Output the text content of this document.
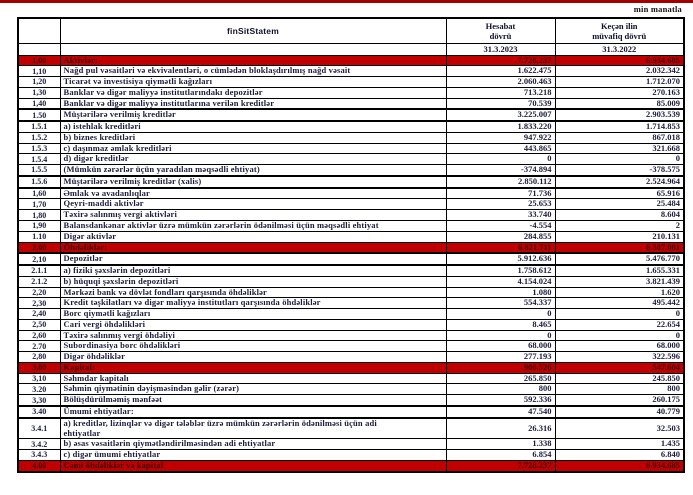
min manatla
	finSitStatem	
Hesabat
dövrü

Keçən ilin
müvafiq dövrü

		31.3.2023	31.3.2022
1,00	Aktivlər:	7.728.237	6.934.685
1,10	Nağd pul vəsaitləri və ekvivalentləri, o cümlədən bloklaşdırılmış nağd vəsait	1.622.475	2.032.342
1,20	Ticarət və investisiya qiymətli kağızları	2.060.463	1.712.070
1,30	Banklar və digər maliyyə institutlarındakı depozitlər	713.218	270.163
1,40	Banklar və digər maliyyə institutlarına verilən kreditlər	70.539	85.009
1.50	Müştərilərə verilmiş kreditlər	3.225.007	2.903.539
1.5.1	a) istehlak kreditləri	1.833.220	1.714.853
1.5.2	b) biznes kreditləri	947.922	867.018
1.5.3	c) daşınmaz əmlak kreditləri	443.865	321.668
1.5.4	d) digər kreditlər	0	0
1.5.5	(Mümkün zərərlər üçün yaradılan məqsədli ehtiyat)	-374.894	-378.575
1.5.6	Müştərilərə verilmiş kreditlər (xalis)	2.850.112	2.524.964
1,60	Əmlak və avadanlıqlar	71.736	65.916
1,70	Qeyri-maddi aktivlər	25.653	25.484
1,80	Təxirə salınmış vergi aktivləri	33.740	8.604
1,90	Balansdankənar aktivlər üzrə mümkün zərərlərin ödənilməsi üçün məqsədli ehtiyat	-4.554	2
1.10	Digər aktivlər	284.855	210.131
2,00	Öhdəliklər:	6.821.711	6.387.081
2,10	Depozitlər	5.912.636	5.476.770
2.1.1	a) fiziki şəxslərin depozitləri	1.758.612	1.655.331
2.1.2	b) hüquqi şəxslərin depozitləri	4.154.024	3.821.439
2,20	Mərkəzi bank və dövlət fondları qarşısında öhdəliklər	1.080	1.620
2,30	Kredit təşkilatları və digər maliyyə institutları qarşısında öhdəliklər	554.337	495.442
2,40	Borc qiymətli kağızları	0	0
2,50	Cari vergi öhdəlikləri	8.465	22.654
2,60	Təxirə salınmış vergi öhdəliyi	0	0
2.70	Subordinasiya borc öhdəlikləri	68.000	68.000
2,80	Digər öhdəliklər	277.193	322.596
3,00	Kapital:	906.526	547.604
3,10	Səhmdar kapitalı	265.850	245.850
3.20	Səhmin qiymətinin dəyişməsindən gəlir (zərər)	800	800
3,30	Bölüşdürülməmiş mənfəət	592.336	260.175
3.40	Ümumi ehtiyatlar:	47.540	40.779
3.4.1	a) kreditlər, lizinqlər və digər tələblər üzrə mümkün zərərlərin ödənilməsi üçün adi ehtiyatlar	26.316	32.503
3.4.2	b) əsas vəsaitlərin qiymətləndirilməsindən adi ehtiyatlar	1.338	1.435
3.4.3	c) digər ümumi ehtiyatlar	6.854	6.840
4,00	Cəmi öhdəliklər və kapital	7.728.237	6.934.685
